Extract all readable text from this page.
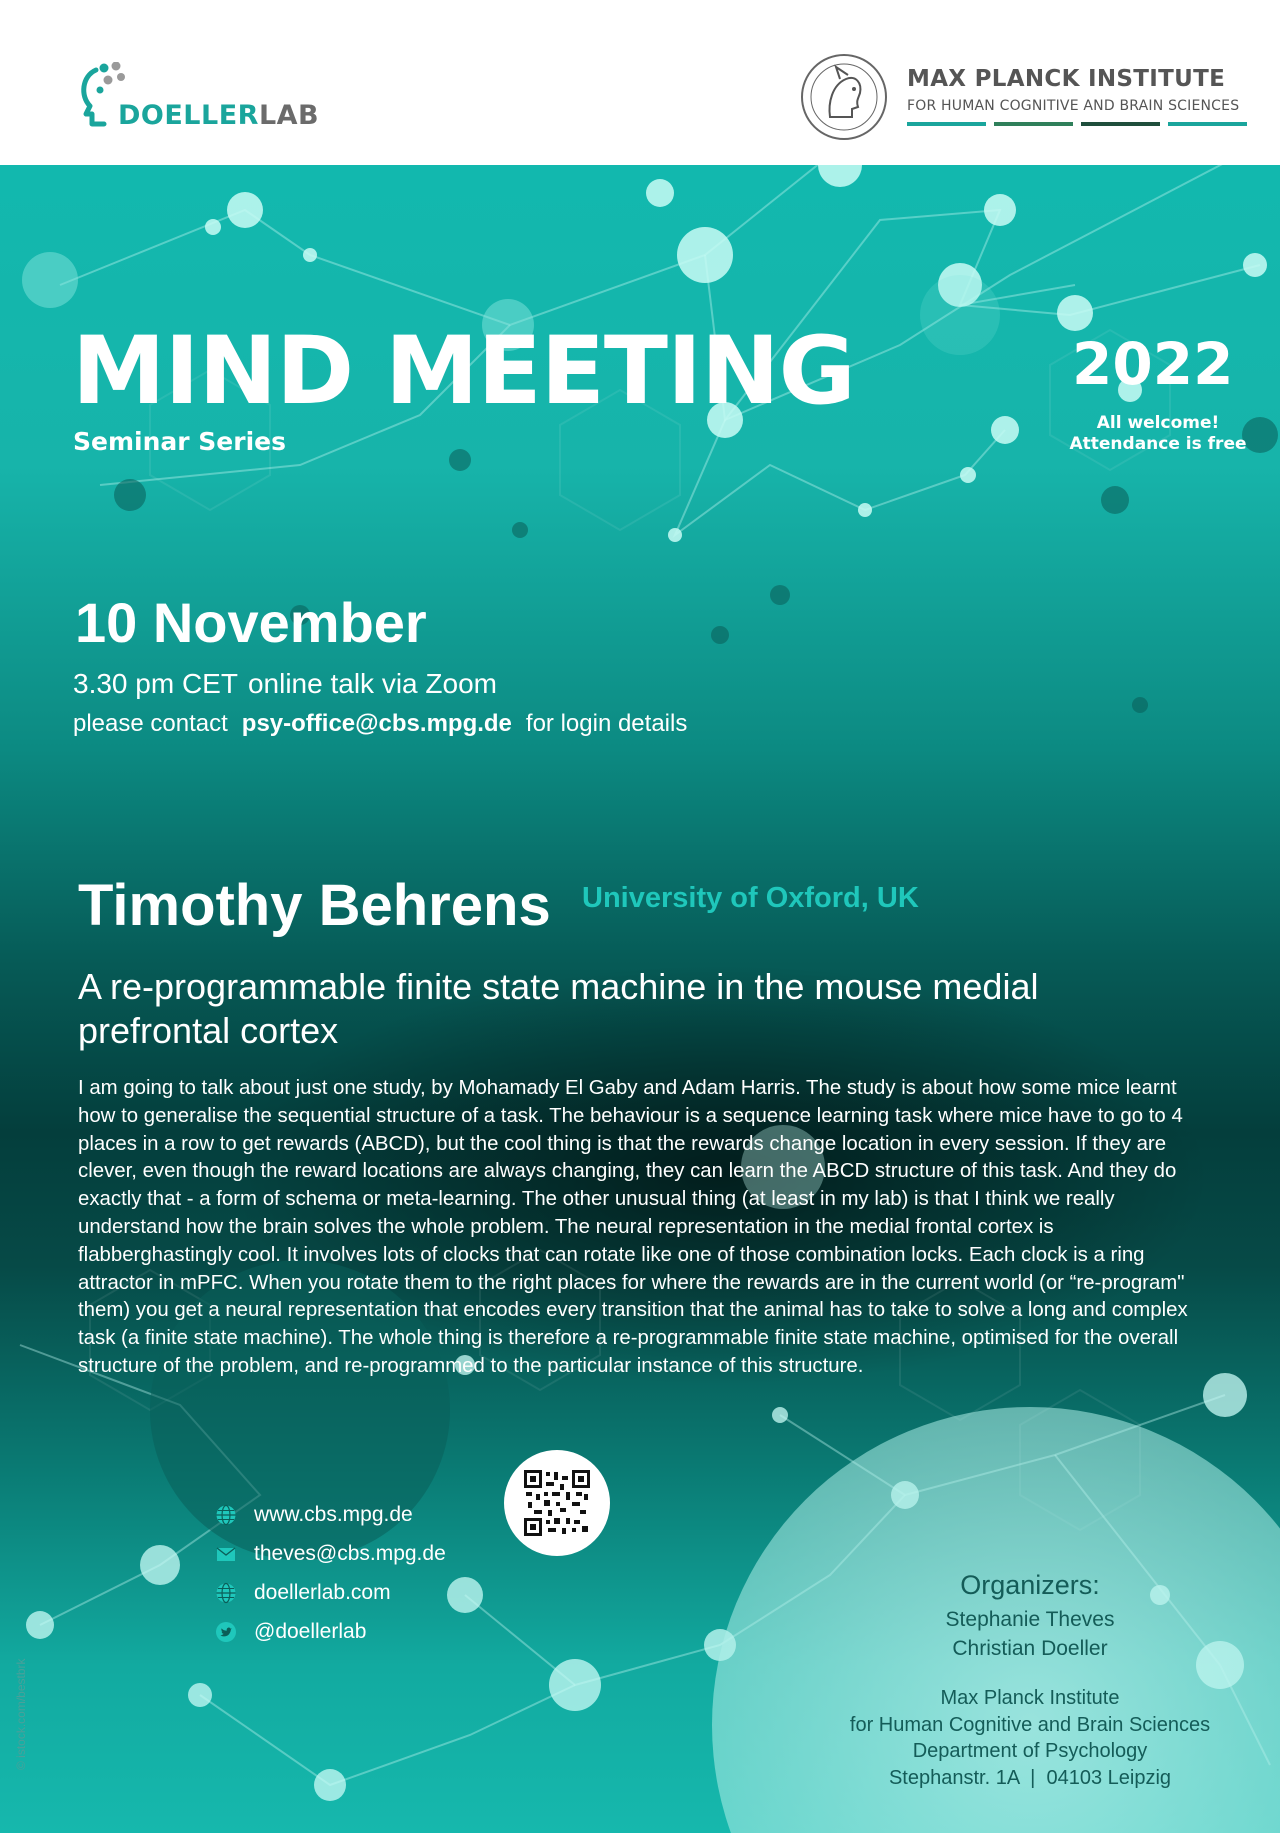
DOELLERLAB
MAX PLANCK INSTITUTE
FOR HUMAN COGNITIVE AND BRAIN SCIENCES
MIND MEETING
Seminar Series
2022
All welcome!
Attendance is free
10 November
3.30 pm CET online talk via Zoom
please contact psy-office@cbs.mpg.de for login details
Timothy Behrens University of Oxford, UK
A re-programmable finite state machine in the mouse medial prefrontal cortex
I am going to talk about just one study, by Mohamady El Gaby and Adam Harris. The study is about how some mice learnt how to generalise the sequential structure of a task. The behaviour is a sequence learning task where mice have to go to 4 places in a row to get rewards (ABCD), but the cool thing is that the rewards change location in every session. If they are clever, even though the reward locations are always changing, they can learn the ABCD structure of this task. And they do exactly that - a form of schema or meta-learning. The other unusual thing (at least in my lab) is that I think we really understand how the brain solves the whole problem. The neural representation in the medial frontal cortex is flabberghastingly cool. It involves lots of clocks that can rotate like one of those combination locks. Each clock is a ring attractor in mPFC. When you rotate them to the right places for where the rewards are in the current world (or “re-program" them) you get a neural representation that encodes every transition that the animal has to take to solve a long and complex task (a finite state machine). The whole thing is therefore a re-programmable finite state machine, optimised for the overall structure of the problem, and re-programmed to the particular instance of this structure.
www.cbs.mpg.de
theves@cbs.mpg.de
doellerlab.com
@doellerlab
Organizers:
Stephanie Theves
Christian Doeller
Max Planck Institute
for Human Cognitive and Brain Sciences
Department of Psychology
Stephanstr. 1A  |  04103 Leipzig
© istock.com/bestbrk
